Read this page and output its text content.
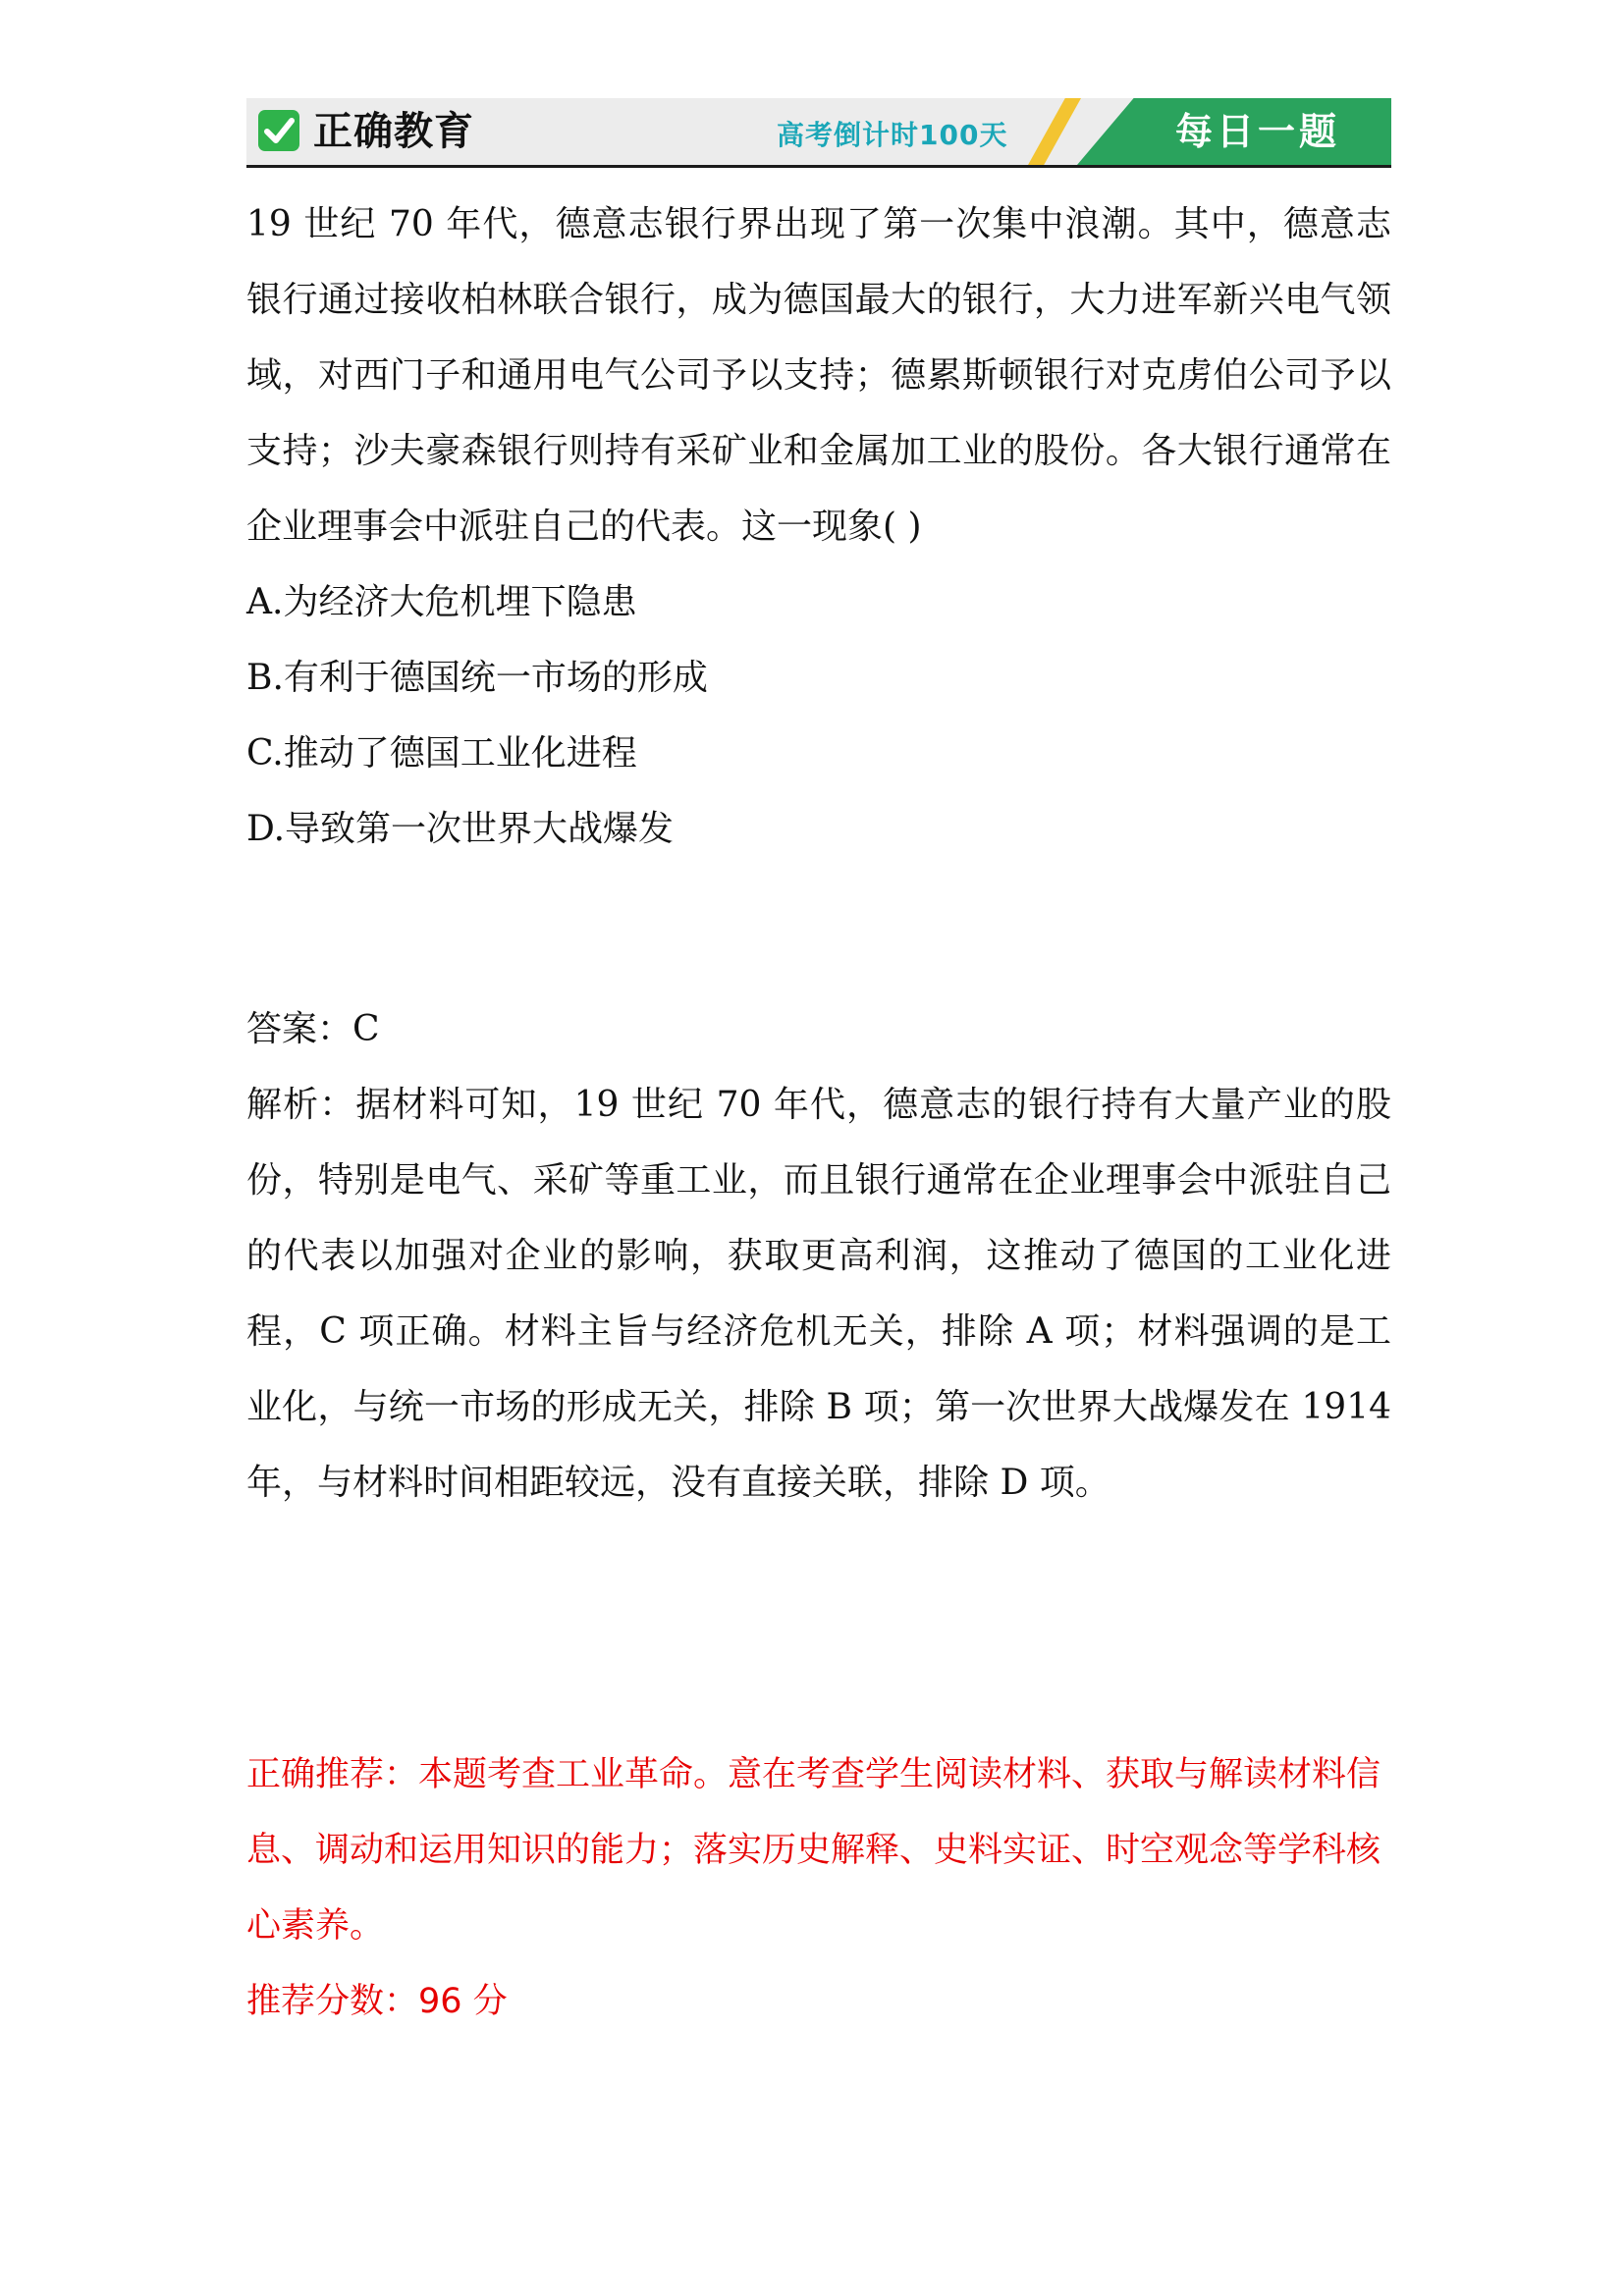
正确教育	高考倒计时100天	每日一题

19 世纪 70 年代，德意志银行界出现了第一次集中浪潮。其中，德意志银行通过接收柏林联合银行，成为德国最大的银行，大力进军新兴电气领域，对西门子和通用电气公司予以支持；德累斯顿银行对克虏伯公司予以支持；沙夫豪森银行则持有采矿业和金属加工业的股份。各大银行通常在企业理事会中派驻自己的代表。这一现象( )

A.为经济大危机埋下隐患

B.有利于德国统一市场的形成

C.推动了德国工业化进程

D.导致第一次世界大战爆发

答案：C

解析：据材料可知，19 世纪 70 年代，德意志的银行持有大量产业的股份，特别是电气、采矿等重工业，而且银行通常在企业理事会中派驻自己的代表以加强对企业的影响，获取更高利润，这推动了德国的工业化进程，C 项正确。材料主旨与经济危机无关，排除 A 项；材料强调的是工业化，与统一市场的形成无关，排除 B 项；第一次世界大战爆发在 1914 年，与材料时间相距较远，没有直接关联，排除 D 项。

正确推荐：本题考查工业革命。意在考查学生阅读材料、获取与解读材料信息、调动和运用知识的能力；落实历史解释、史料实证、时空观念等学科核心素养。

推荐分数：96 分
